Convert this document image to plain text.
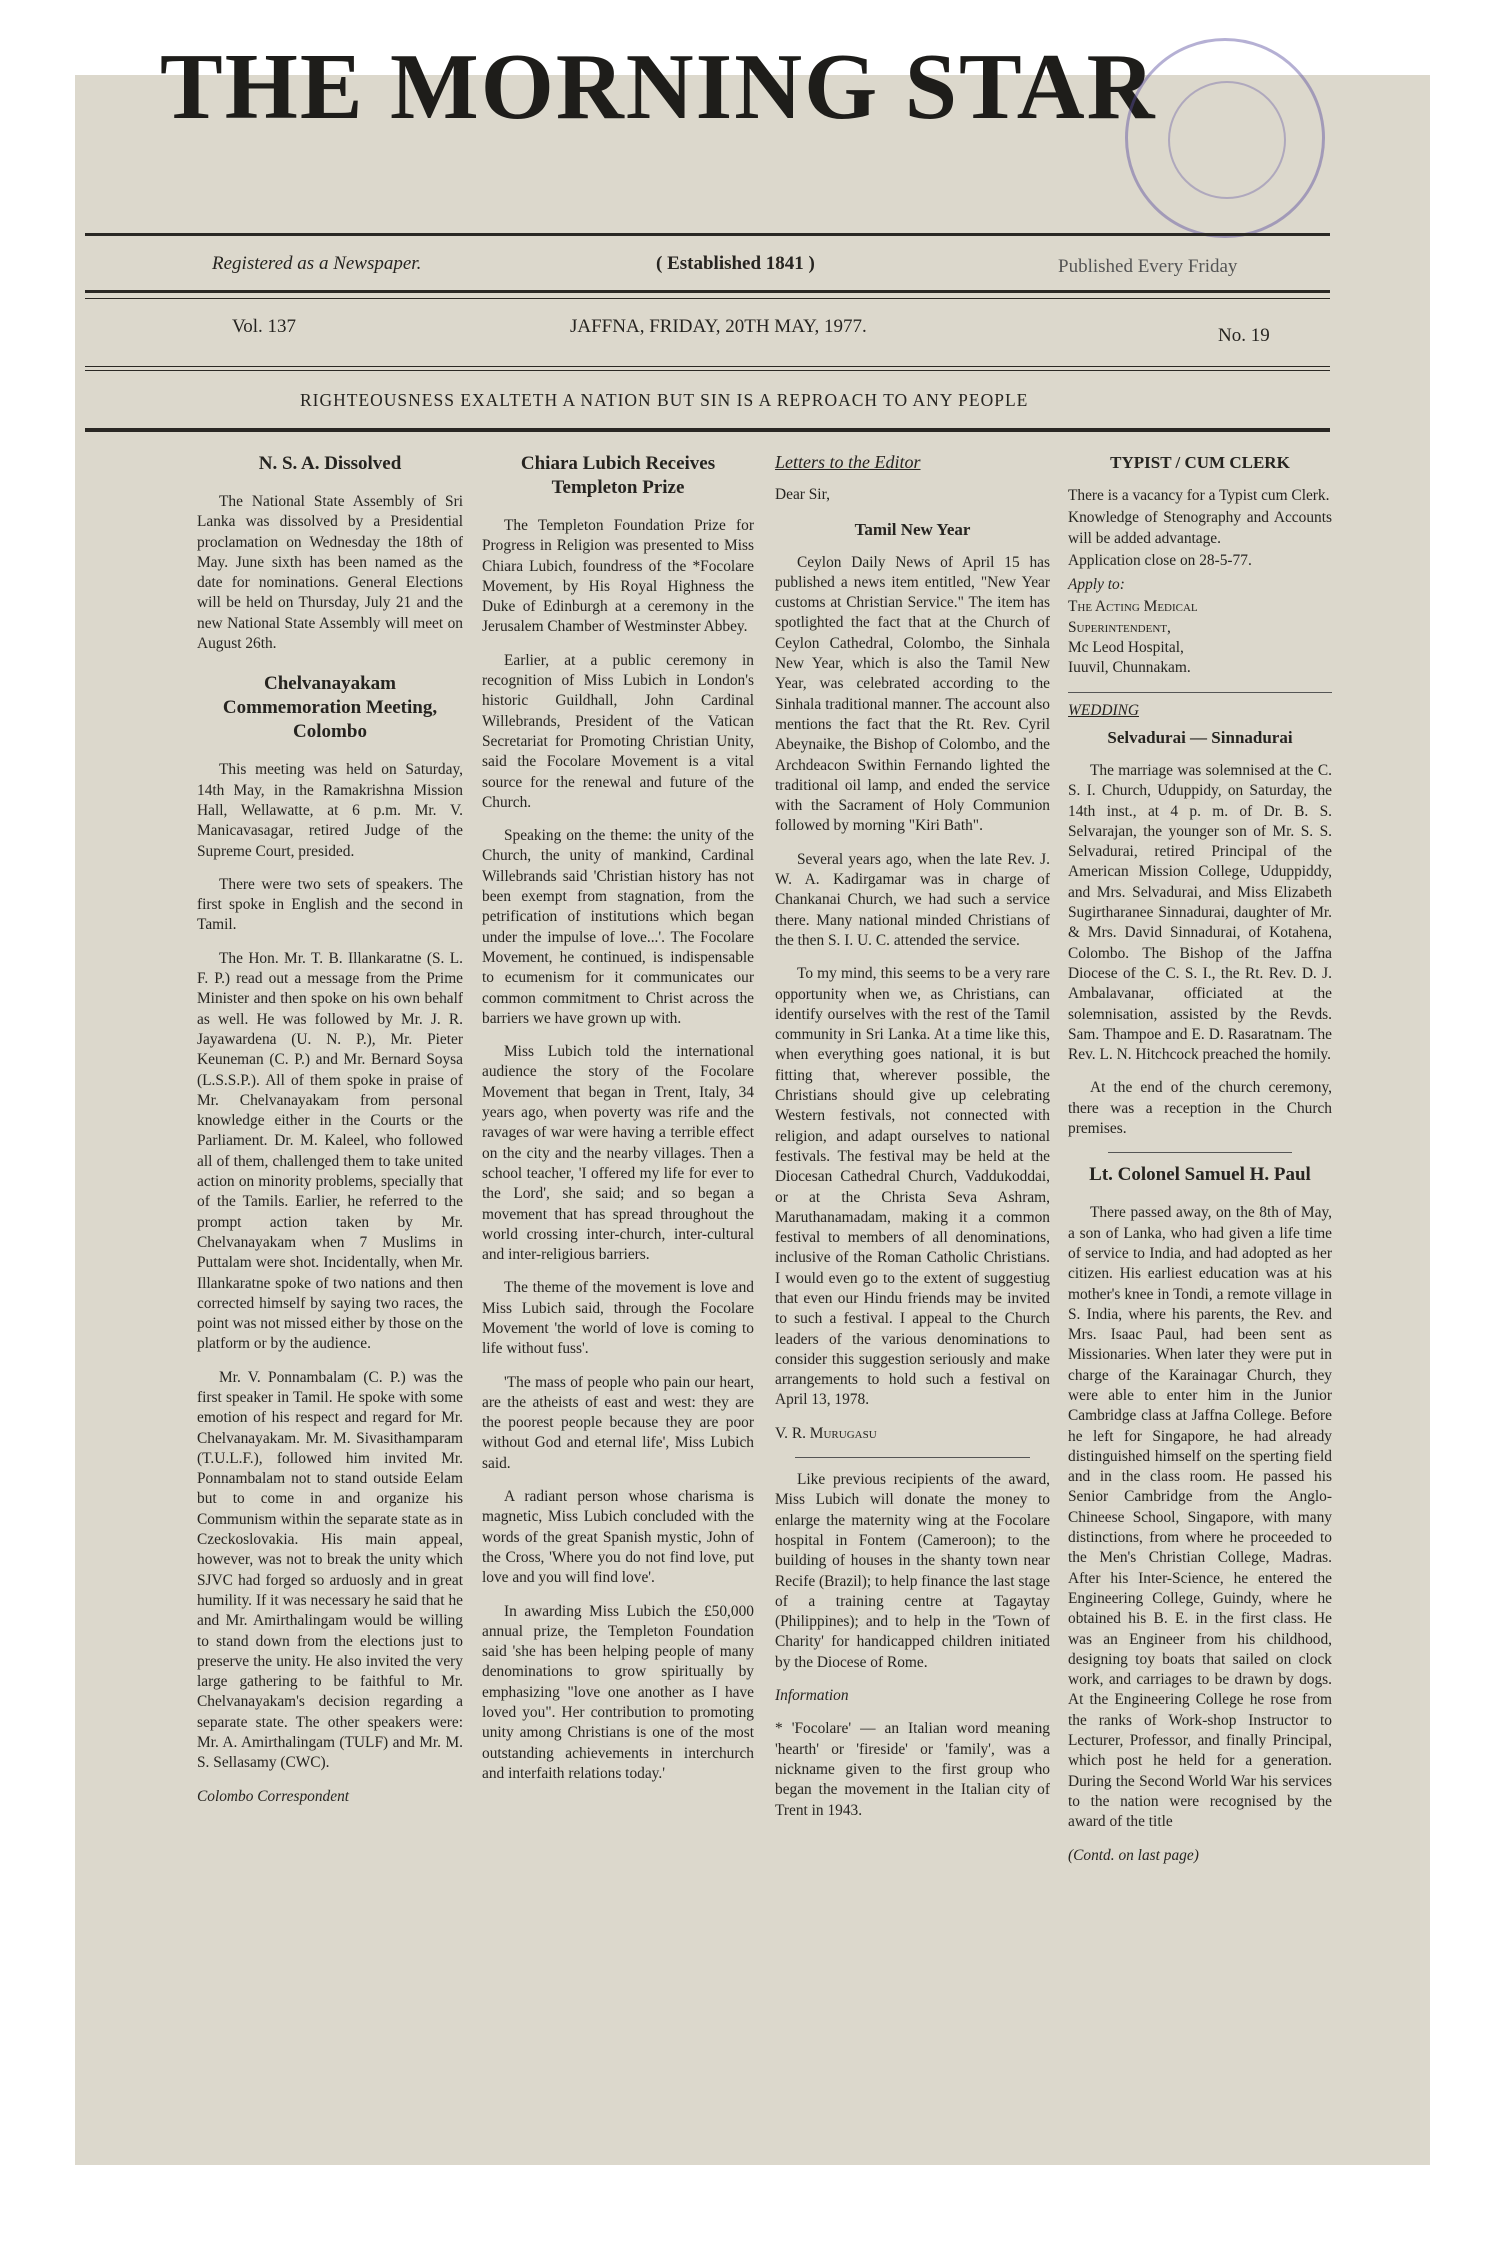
THE MORNING STAR
Registered as a Newspaper.	( Established 1841 )	Published Every Friday
Vol. 137	JAFFNA, FRIDAY, 20TH MAY, 1977.	No. 19
RIGHTEOUSNESS EXALTETH A NATION BUT SIN IS A REPROACH TO ANY PEOPLE
N. S. A. Dissolved

The National State Assembly of Sri Lanka was dissolved by a Presidential proclamation on Wednesday the 18th of May. June sixth has been named as the date for nominations. General Elections will be held on Thursday, July 21 and the new National State Assembly will meet on August 26th.

Chelvanayakam Commemoration Meeting, Colombo

This meeting was held on Saturday, 14th May, in the Ramakrishna Mission Hall, Wellawatte, at 6 p.m. Mr. V. Manicavasagar, retired Judge of the Supreme Court, presided.

There were two sets of speakers. The first spoke in English and the second in Tamil.

The Hon. Mr. T. B. Illankaratne (S. L. F. P.) read out a message from the Prime Minister and then spoke on his own behalf as well. He was followed by Mr. J. R. Jayawardena (U. N. P.), Mr. Pieter Keuneman (C. P.) and Mr. Bernard Soysa (L.S.S.P.). All of them spoke in praise of Mr. Chelvanayakam from personal knowledge either in the Courts or the Parliament. Dr. M. Kaleel, who followed all of them, challenged them to take united action on minority problems, specially that of the Tamils. Earlier, he referred to the prompt action taken by Mr. Chelvanayakam when 7 Muslims in Puttalam were shot. Incidentally, when Mr. Illankaratne spoke of two nations and then corrected himself by saying two races, the point was not missed either by those on the platform or by the audience.

Mr. V. Ponnambalam (C. P.) was the first speaker in Tamil. He spoke with some emotion of his respect and regard for Mr. Chelvanayakam. Mr. M. Sivasithamparam (T.U.L.F.), followed him invited Mr. Ponnambalam not to stand outside Eelam but to come in and organize his Communism within the separate state as in Czeckoslovakia. His main appeal, however, was not to break the unity which SJVC had forged so arduosly and in great humility. If it was necessary he said that he and Mr. Amirthalingam would be willing to stand down from the elections just to preserve the unity. He also invited the very large gathering to be faithful to Mr. Chelvanayakam's decision regarding a separate state. The other speakers were: Mr. A. Amirthalingam (TULF) and Mr. M. S. Sellasamy (CWC).

Colombo Correspondent

Chiara Lubich Receives Templeton Prize

The Templeton Foundation Prize for Progress in Religion was presented to Miss Chiara Lubich, foundress of the *Focolare Movement, by His Royal Highness the Duke of Edinburgh at a ceremony in the Jerusalem Chamber of Westminster Abbey.

Earlier, at a public ceremony in recognition of Miss Lubich in London's historic Guildhall, John Cardinal Willebrands, President of the Vatican Secretariat for Promoting Christian Unity, said the Focolare Movement is a vital source for the renewal and future of the Church.

Speaking on the theme: the unity of the Church, the unity of mankind, Cardinal Willebrands said 'Christian history has not been exempt from stagnation, from the petrification of institutions which began under the impulse of love...'. The Focolare Movement, he continued, is indispensable to ecumenism for it communicates our common commitment to Christ across the barriers we have grown up with.

Miss Lubich told the international audience the story of the Focolare Movement that began in Trent, Italy, 34 years ago, when poverty was rife and the ravages of war were having a terrible effect on the city and the nearby villages. Then a school teacher, 'I offered my life for ever to the Lord', she said; and so began a movement that has spread throughout the world crossing inter-church, inter-cultural and inter-religious barriers.

The theme of the movement is love and Miss Lubich said, through the Focolare Movement 'the world of love is coming to life without fuss'.

'The mass of people who pain our heart, are the atheists of east and west: they are the poorest people because they are poor without God and eternal life', Miss Lubich said.

A radiant person whose charisma is magnetic, Miss Lubich concluded with the words of the great Spanish mystic, John of the Cross, 'Where you do not find love, put love and you will find love'.

In awarding Miss Lubich the £50,000 annual prize, the Templeton Foundation said 'she has been helping people of many denominations to grow spiritually by emphasizing "love one another as I have loved you". Her contribution to promoting unity among Christians is one of the most outstanding achievements in interchurch and interfaith relations today.'

Letters to the Editor

Dear Sir,

Tamil New Year

Ceylon Daily News of April 15 has published a news item entitled, "New Year customs at Christian Service." The item has spotlighted the fact that at the Church of Ceylon Cathedral, Colombo, the Sinhala New Year, which is also the Tamil New Year, was celebrated according to the Sinhala traditional manner. The account also mentions the fact that the Rt. Rev. Cyril Abeynaike, the Bishop of Colombo, and the Archdeacon Swithin Fernando lighted the traditional oil lamp, and ended the service with the Sacrament of Holy Communion followed by morning "Kiri Bath".

Several years ago, when the late Rev. J. W. A. Kadirgamar was in charge of Chankanai Church, we had such a service there. Many national minded Christians of the then S. I. U. C. attended the service.

To my mind, this seems to be a very rare opportunity when we, as Christians, can identify ourselves with the rest of the Tamil community in Sri Lanka. At a time like this, when everything goes national, it is but fitting that, wherever possible, the Christians should give up celebrating Western festivals, not connected with religion, and adapt ourselves to national festivals. The festival may be held at the Diocesan Cathedral Church, Vaddukoddai, or at the Christa Seva Ashram, Maruthanamadam, making it a common festival to members of all denominations, inclusive of the Roman Catholic Christians. I would even go to the extent of suggestiug that even our Hindu friends may be invited to such a festival. I appeal to the Church leaders of the various denominations to consider this suggestion seriously and make arrangements to hold such a festival on April 13, 1978.

V. R. Murugasu

Like previous recipients of the award, Miss Lubich will donate the money to enlarge the maternity wing at the Focolare hospital in Fontem (Cameroon); to the building of houses in the shanty town near Recife (Brazil); to help finance the last stage of a training centre at Tagaytay (Philippines); and to help in the 'Town of Charity' for handicapped children initiated by the Diocese of Rome.

Information

* 'Focolare' — an Italian word meaning 'hearth' or 'fireside' or 'family', was a nickname given to the first group who began the movement in the Italian city of Trent in 1943.

TYPIST / CUM CLERK

There is a vacancy for a Typist cum Clerk.

Knowledge of Stenography and Accounts will be added advantage.

Application close on 28-5-77.

Apply to:

The Acting Medical

Superintendent,

Mc Leod Hospital,

Iuuvil, Chunnakam.

WEDDING

Selvadurai — Sinnadurai

The marriage was solemnised at the C. S. I. Church, Uduppidy, on Saturday, the 14th inst., at 4 p. m. of Dr. B. S. Selvarajan, the younger son of Mr. S. S. Selvadurai, retired Principal of the American Mission College, Uduppiddy, and Mrs. Selvadurai, and Miss Elizabeth Sugirtharanee Sinnadurai, daughter of Mr. & Mrs. David Sinnadurai, of Kotahena, Colombo. The Bishop of the Jaffna Diocese of the C. S. I., the Rt. Rev. D. J. Ambalavanar, officiated at the solemnisation, assisted by the Revds. Sam. Thampoe and E. D. Rasaratnam. The Rev. L. N. Hitchcock preached the homily.

At the end of the church ceremony, there was a reception in the Church premises.

Lt. Colonel Samuel H. Paul

There passed away, on the 8th of May, a son of Lanka, who had given a life time of service to India, and had adopted as her citizen. His earliest education was at his mother's knee in Tondi, a remote village in S. India, where his parents, the Rev. and Mrs. Isaac Paul, had been sent as Missionaries. When later they were put in charge of the Karainagar Church, they were able to enter him in the Junior Cambridge class at Jaffna College. Before he left for Singapore, he had already distinguished himself on the sperting field and in the class room. He passed his Senior Cambridge from the Anglo-Chineese School, Singapore, with many distinctions, from where he proceeded to the Men's Christian College, Madras. After his Inter-Science, he entered the Engineering College, Guindy, where he obtained his B. E. in the first class. He was an Engineer from his childhood, designing toy boats that sailed on clock work, and carriages to be drawn by dogs. At the Engineering College he rose from the ranks of Work-shop Instructor to Lecturer, Professor, and finally Principal, which post he held for a generation. During the Second World War his services to the nation were recognised by the award of the title

(Contd. on last page)
